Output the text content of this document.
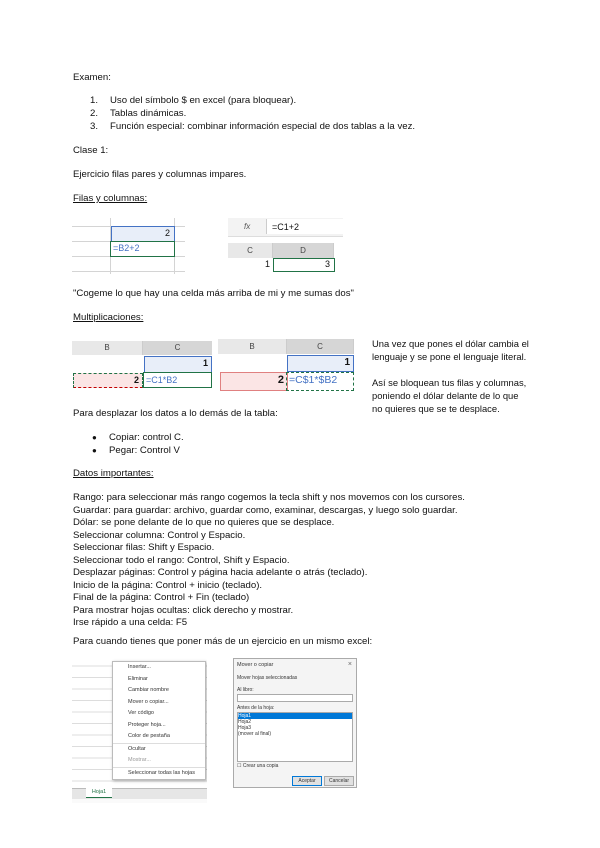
Examen:
1. Uso del símbolo $ en excel (para bloquear).
2. Tablas dinámicas.
3. Función especial: combinar información especial de dos tablas a la vez.
Clase 1:
Ejercicio filas pares y columnas impares.
Filas y columnas:
2
=B2+2
fx =C1+2
C	D
1	3
"Cogeme lo que hay una celda más arriba de mi y me sumas dos"
Multiplicaciones:
B	C
1
2 =C1*B2
B	C
1
2 =C$1*$B2
Una vez que pones el dólar cambia el
lenguaje y se pone el lenguaje literal.
Así se bloquean tus filas y columnas,
poniendo el dólar delante de lo que
no quieres que se te desplace.
Para desplazar los datos a lo demás de la tabla:
● Copiar: control C.
● Pegar: Control V
Datos importantes:
Rango: para seleccionar más rango cogemos la tecla shift y nos movemos con los cursores.
Guardar: para guardar: archivo, guardar como, examinar, descargas, y luego solo guardar.
Dólar: se pone delante de lo que no quieres que se desplace.
Seleccionar columna: Control y Espacio.
Seleccionar filas: Shift y Espacio.
Seleccionar todo el rango: Control, Shift y Espacio.
Desplazar páginas: Control y página hacia adelante o atrás (teclado).
Inicio de la página: Control + inicio (teclado).
Final de la página: Control + Fin (teclado)
Para mostrar hojas ocultas: click derecho y mostrar.
Irse rápido a una celda: F5
Para cuando tienes que poner más de un ejercicio en un mismo excel:
Hoja1
Insertar...
Eliminar
Cambiar nombre
Mover o copiar...
Ver código
Proteger hoja...
Color de pestaña
Ocultar
Mostrar...
Seleccionar todas las hojas
Mover o copiar	×
Mover hojas seleccionadas
Al libro:
Antes de la hoja:
Hoja1
Hoja2
Hoja3
(mover al final)
☐ Crear una copia
Aceptar	Cancelar
